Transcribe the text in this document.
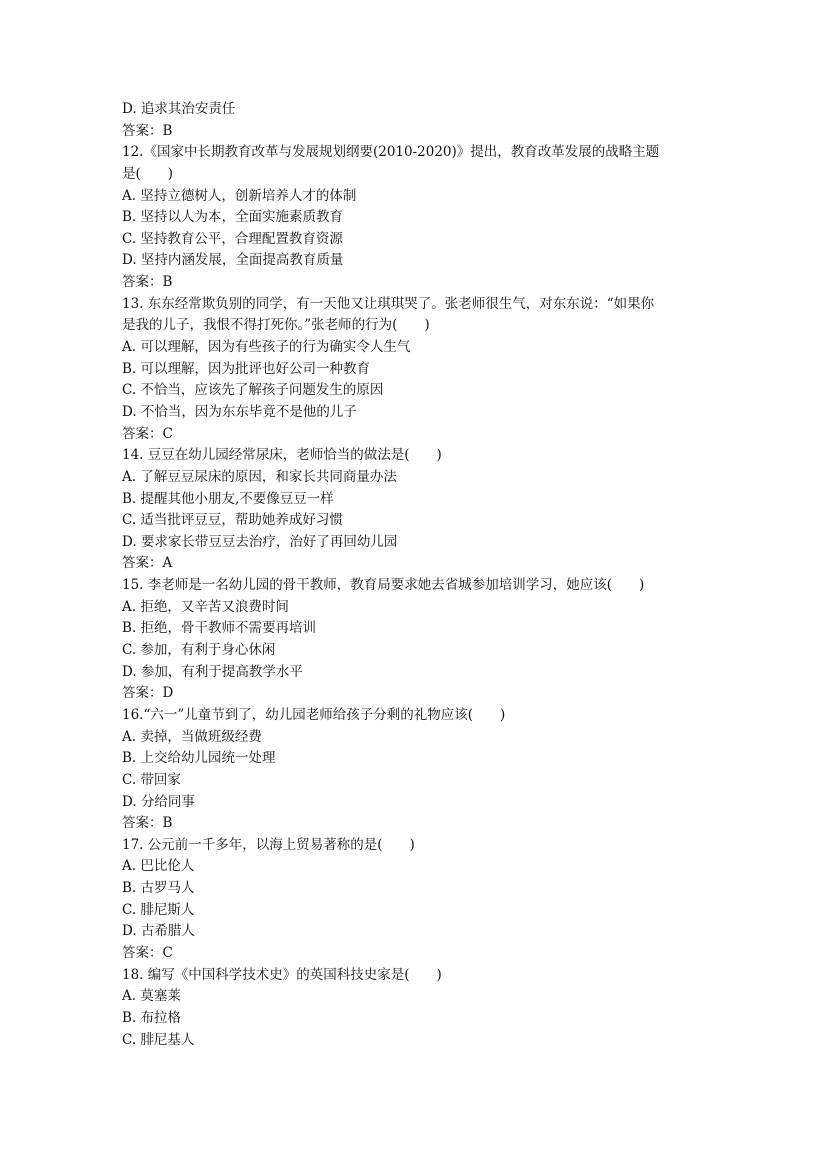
D. 追求其治安责任
答案：B
12.《国家中长期教育改革与发展规划纲要(2010-2020)》提出，教育改革发展的战略主题
是(　　)
A. 坚持立德树人，创新培养人才的体制
B. 坚持以人为本，全面实施素质教育
C. 坚持教育公平，合理配置教育资源
D. 坚持内涵发展，全面提高教育质量
答案：B
13. 东东经常欺负别的同学，有一天他又让琪琪哭了。张老师很生气，对东东说：“如果你
是我的儿子，我恨不得打死你。”张老师的行为(　　)
A. 可以理解，因为有些孩子的行为确实令人生气
B. 可以理解，因为批评也好公司一种教育
C. 不恰当，应该先了解孩子问题发生的原因
D. 不恰当，因为东东毕竟不是他的儿子
答案：C
14. 豆豆在幼儿园经常尿床，老师恰当的做法是(　　)
A. 了解豆豆尿床的原因，和家长共同商量办法
B. 提醒其他小朋友,不要像豆豆一样
C. 适当批评豆豆，帮助她养成好习惯
D. 要求家长带豆豆去治疗，治好了再回幼儿园
答案：A
15. 李老师是一名幼儿园的骨干教师，教育局要求她去省城参加培训学习，她应该(　　)
A. 拒绝，又辛苦又浪费时间
B. 拒绝，骨干教师不需要再培训
C. 参加，有利于身心休闲
D. 参加，有利于提高教学水平
答案：D
16.“六一”儿童节到了，幼儿园老师给孩子分剩的礼物应该(　　)
A. 卖掉，当做班级经费
B. 上交给幼儿园统一处理
C. 带回家
D. 分给同事
答案：B
17. 公元前一千多年，以海上贸易著称的是(　　)
A. 巴比伦人
B. 古罗马人
C. 腓尼斯人
D. 古希腊人
答案：C
18. 编写《中国科学技术史》的英国科技史家是(　　)
A. 莫塞莱
B. 布拉格
C. 腓尼基人
